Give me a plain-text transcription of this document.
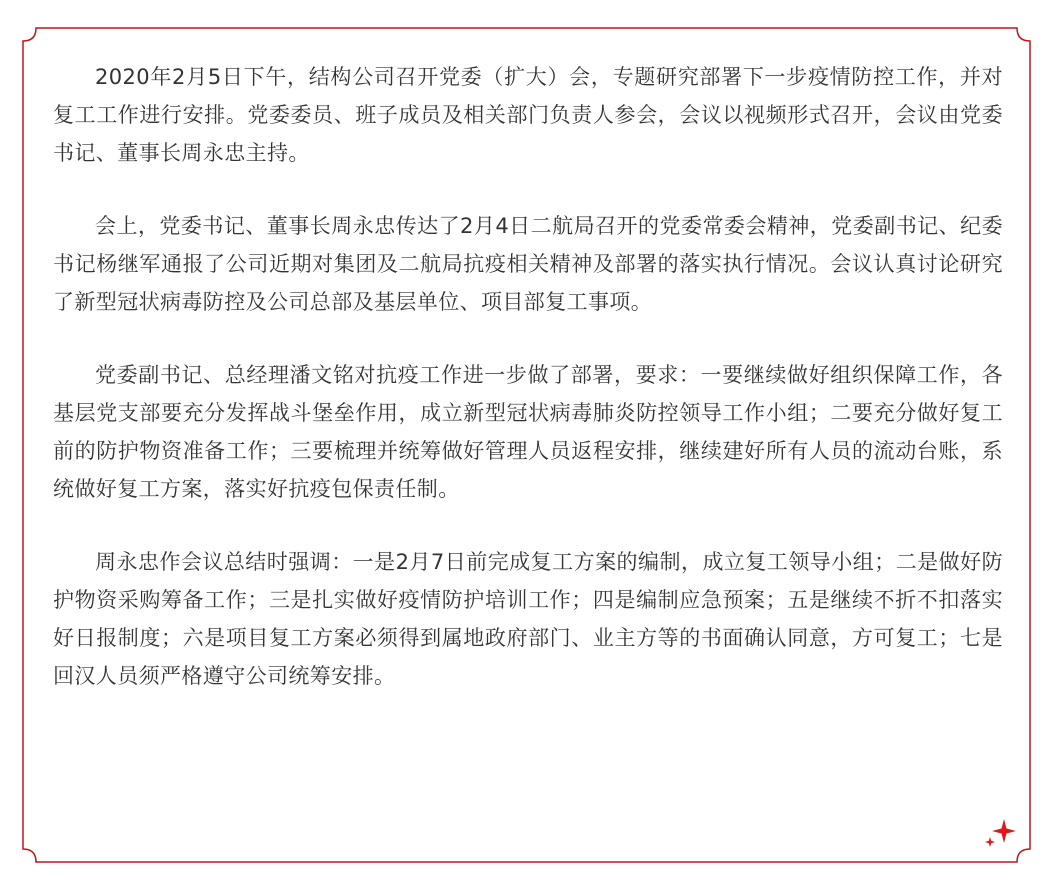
2020年2月5日下午，结构公司召开党委（扩大）会，专题研究部署下一步疫情防控工作，并对复工工作进行安排。党委委员、班子成员及相关部门负责人参会，会议以视频形式召开，会议由党委书记、董事长周永忠主持。

会上，党委书记、董事长周永忠传达了2月4日二航局召开的党委常委会精神，党委副书记、纪委书记杨继军通报了公司近期对集团及二航局抗疫相关精神及部署的落实执行情况。会议认真讨论研究了新型冠状病毒防控及公司总部及基层单位、项目部复工事项。

党委副书记、总经理潘文铭对抗疫工作进一步做了部署，要求：一要继续做好组织保障工作，各基层党支部要充分发挥战斗堡垒作用，成立新型冠状病毒肺炎防控领导工作小组；二要充分做好复工前的防护物资准备工作；三要梳理并统筹做好管理人员返程安排，继续建好所有人员的流动台账，系统做好复工方案，落实好抗疫包保责任制。

周永忠作会议总结时强调：一是2月7日前完成复工方案的编制，成立复工领导小组；二是做好防护物资采购筹备工作；三是扎实做好疫情防护培训工作；四是编制应急预案；五是继续不折不扣落实好日报制度；六是项目复工方案必须得到属地政府部门、业主方等的书面确认同意，方可复工；七是回汉人员须严格遵守公司统筹安排。
